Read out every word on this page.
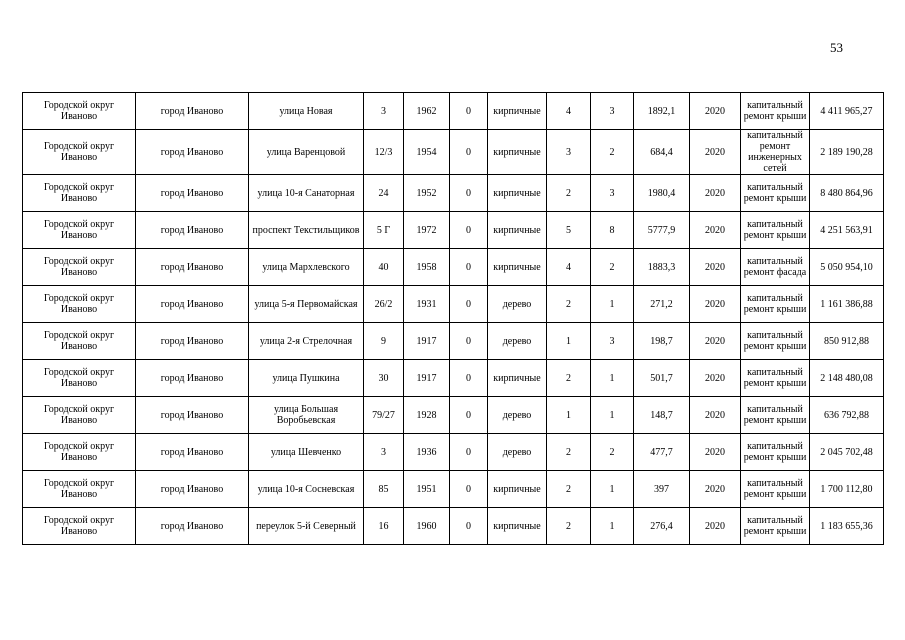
53
Городской округ Иваново	город Иваново	улица Новая	3	1962	0	кирпичные	4	3	1892,1	2020	капитальный ремонт крыши	4 411 965,27
Городской округ Иваново	город Иваново	улица Варенцовой	12/3	1954	0	кирпичные	3	2	684,4	2020	капитальный ремонт инженерных сетей	2 189 190,28
Городской округ Иваново	город Иваново	улица 10-я Санаторная	24	1952	0	кирпичные	2	3	1980,4	2020	капитальный ремонт крыши	8 480 864,96
Городской округ Иваново	город Иваново	проспект Текстильщиков	5 Г	1972	0	кирпичные	5	8	5777,9	2020	капитальный ремонт крыши	4 251 563,91
Городской округ Иваново	город Иваново	улица Мархлевского	40	1958	0	кирпичные	4	2	1883,3	2020	капитальный ремонт фасада	5 050 954,10
Городской округ Иваново	город Иваново	улица 5-я Первомайская	26/2	1931	0	дерево	2	1	271,2	2020	капитальный ремонт крыши	1 161 386,88
Городской округ Иваново	город Иваново	улица 2-я Стрелочная	9	1917	0	дерево	1	3	198,7	2020	капитальный ремонт крыши	850 912,88
Городской округ Иваново	город Иваново	улица Пушкина	30	1917	0	кирпичные	2	1	501,7	2020	капитальный ремонт крыши	2 148 480,08
Городской округ Иваново	город Иваново	улица Большая Воробьевская	79/27	1928	0	дерево	1	1	148,7	2020	капитальный ремонт крыши	636 792,88
Городской округ Иваново	город Иваново	улица Шевченко	3	1936	0	дерево	2	2	477,7	2020	капитальный ремонт крыши	2 045 702,48
Городской округ Иваново	город Иваново	улица 10-я Сосневская	85	1951	0	кирпичные	2	1	397	2020	капитальный ремонт крыши	1 700 112,80
Городской округ Иваново	город Иваново	переулок 5-й Северный	16	1960	0	кирпичные	2	1	276,4	2020	капитальный ремонт крыши	1 183 655,36
